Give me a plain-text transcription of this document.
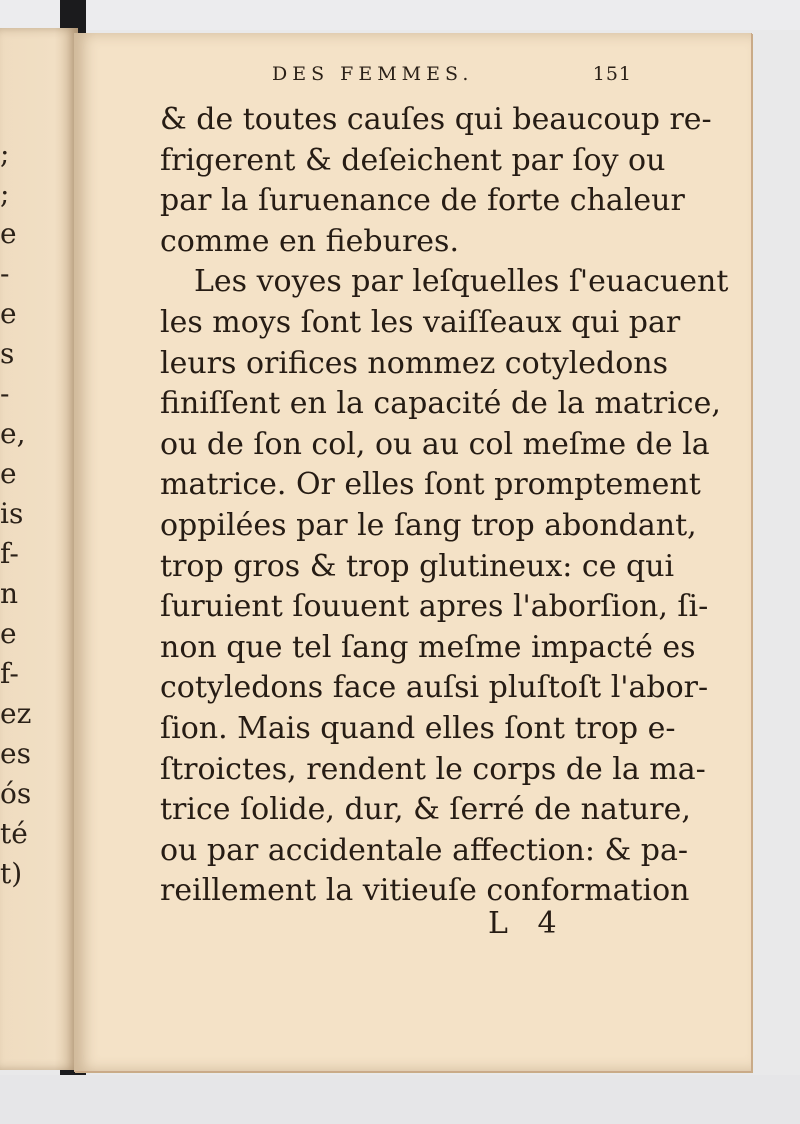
;
;
e
-
e
s
-
e,
e
is
f-
n
e
f-
ez
es
ós
té
t)
DES FEMMES.	151
& de toutes cauſes qui beaucoup re-
frigerent & deſeichent par ſoy ou
par la ſuruenance de forte chaleur
comme en fiebures.
Les voyes par leſquelles ſ'euacuent
les moys ſont les vaiſſeaux qui par
leurs orifices nommez cotyledons
finiſſent en la capacité de la matrice,
ou de ſon col, ou au col meſme de la
matrice. Or elles ſont promptement
oppilées par le ſang trop abondant,
trop gros & trop glutineux: ce qui
ſuruient ſouuent apres l'aborſion, ſi-
non que tel ſang meſme impacté es
cotyledons face auſsi pluſtoſt l'abor-
ſion. Mais quand elles ſont trop e-
ſtroictes, rendent le corps de la ma-
trice ſolide, dur, & ſerré de nature,
ou par accidentale affection: & pa-
reillement la vitieuſe conformation
L 4
